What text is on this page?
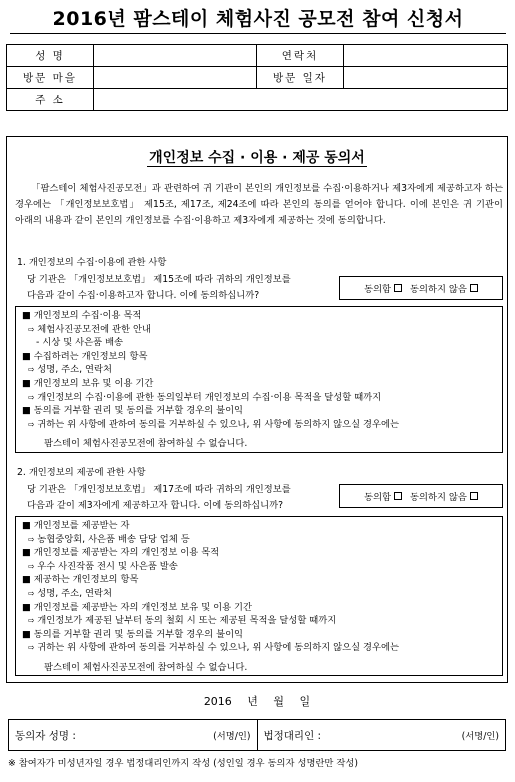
2016년 팜스테이 체험사진 공모전 참여 신청서
성 명		연락처	
방문 마을		방문 일자	
주 소			
개인정보 수집 · 이용 · 제공 동의서
「팜스테이 체험사진공모전」과 관련하여 귀 기관이 본인의 개인정보를 수집·이용하거나 제3자에게 제공하고자 하는 경우에는 「개인정보보호법」 제15조, 제17조, 제24조에 따라 본인의 동의를 얻어야 합니다. 이에 본인은 귀 기관이 아래의 내용과 같이 본인의 개인정보를 수집·이용하고 제3자에게 제공하는 것에 동의합니다.
1. 개인정보의 수집·이용에 관한 사항
당 기관은 「개인정보보호법」 제15조에 따라 귀하의 개인정보를
다음과 같이 수집·이용하고자 합니다. 이에 동의하십니까?
동의함 동의하지 않음
■ 개인정보의 수집·이용 목적
⇨ 체험사진공모전에 관한 안내
- 시상 및 사은품 배송
■ 수집하려는 개인정보의 항목
⇨ 성명, 주소, 연락처
■ 개인정보의 보유 및 이용 기간
⇨ 개인정보의 수집·이용에 관한 동의일부터 개인정보의 수집·이용 목적을 달성할 때까지
■ 동의를 거부할 권리 및 동의를 거부할 경우의 불이익
⇨ 귀하는 위 사항에 관하여 동의를 거부하실 수 있으나, 위 사항에 동의하지 않으실 경우에는
팜스테이 체험사진공모전에 참여하실 수 없습니다.
2. 개인정보의 제공에 관한 사항
당 기관은 「개인정보보호법」 제17조에 따라 귀하의 개인정보를
다음과 같이 제3자에게 제공하고자 합니다. 이에 동의하십니까?
동의함 동의하지 않음
■ 개인정보를 제공받는 자
⇨ 농협중앙회, 사은품 배송 담당 업체 등
■ 개인정보를 제공받는 자의 개인정보 이용 목적
⇨ 우수 사진작품 전시 및 사은품 발송
■ 제공하는 개인정보의 항목
⇨ 성명, 주소, 연락처
■ 개인정보를 제공받는 자의 개인정보 보유 및 이용 기간
⇨ 개인정보가 제공된 날부터 동의 철회 시 또는 제공된 목적을 달성할 때까지
■ 동의를 거부할 권리 및 동의를 거부할 경우의 불이익
⇨ 귀하는 위 사항에 관하여 동의를 거부하실 수 있으나, 위 사항에 동의하지 않으실 경우에는
팜스테이 체험사진공모전에 참여하실 수 없습니다.
2016 년 월 일
동의자 성명 :	(서명/인)	법정대리인 :	(서명/인)
※ 참여자가 미성년자일 경우 법정대리인까지 작성 (성인일 경우 동의자 성명란만 작성)
